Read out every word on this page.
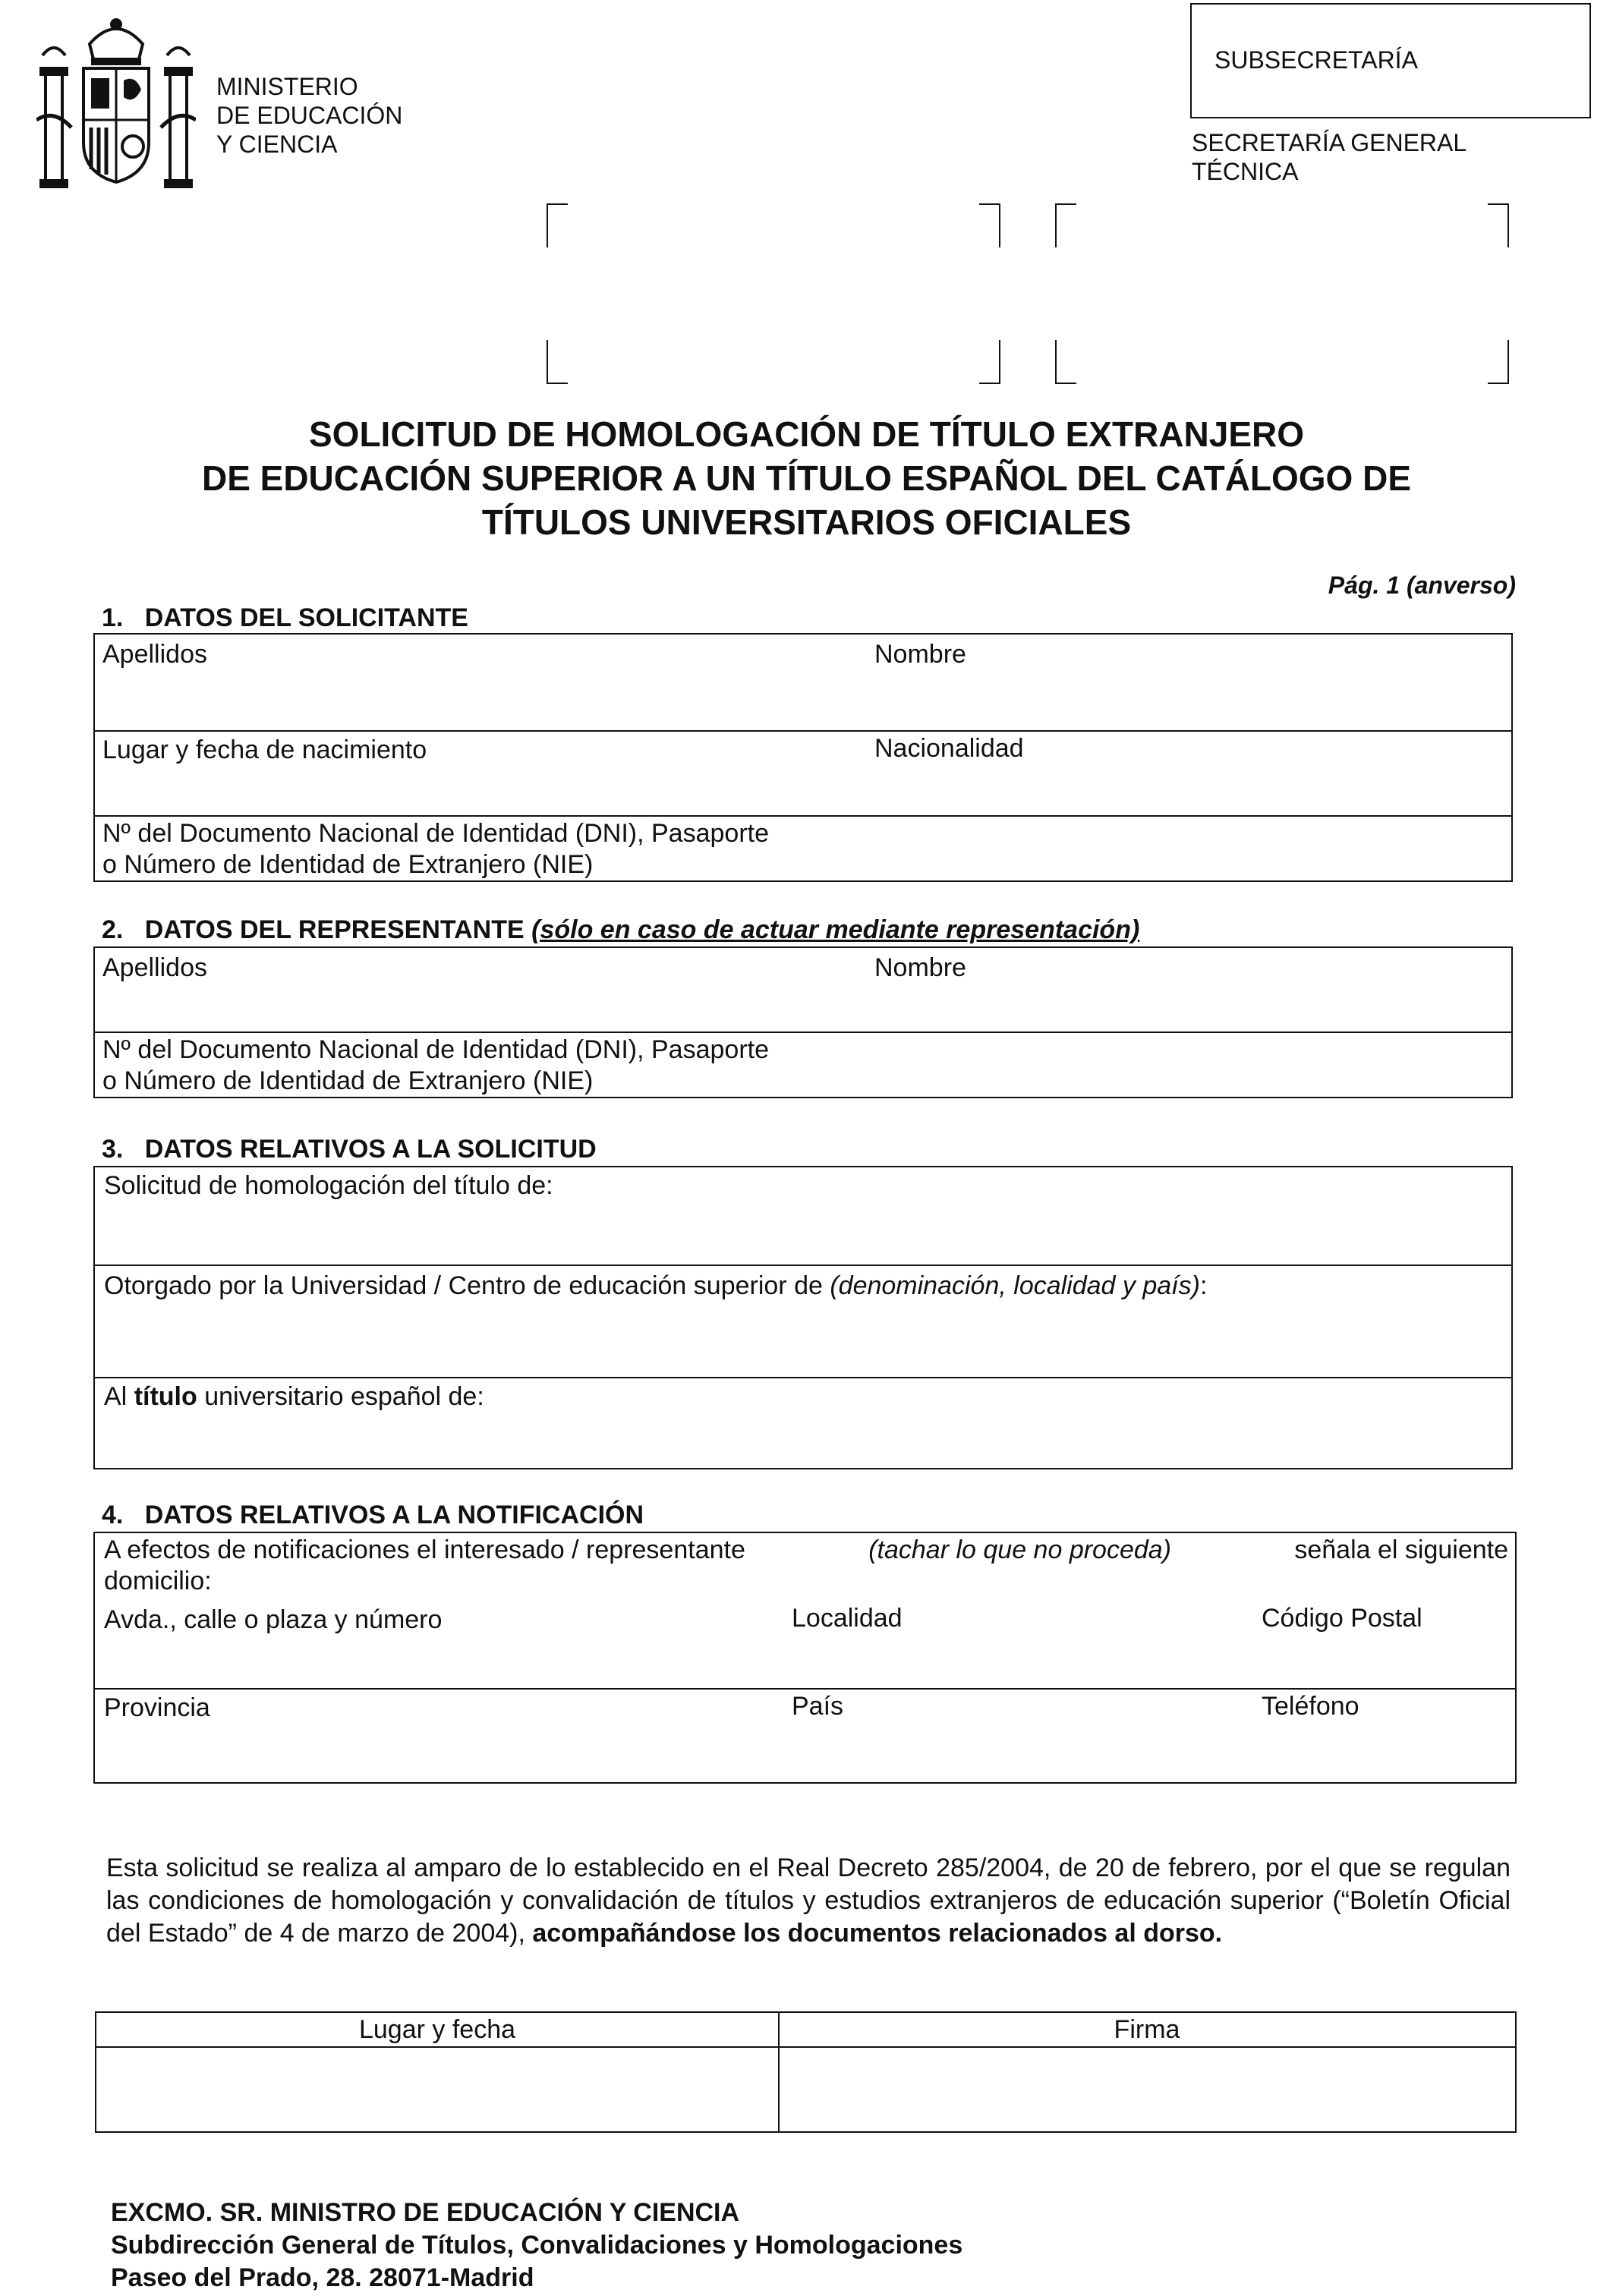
MINISTERIO
DE EDUCACIÓN
Y CIENCIA
SUBSECRETARÍA
SECRETARÍA GENERAL
TÉCNICA
SOLICITUD DE HOMOLOGACIÓN DE TÍTULO EXTRANJERO
DE EDUCACIÓN SUPERIOR A UN TÍTULO ESPAÑOL DEL CATÁLOGO DE
TÍTULOS UNIVERSITARIOS OFICIALES
Pág. 1 (anverso)
1.   DATOS DEL SOLICITANTE
Apellidos	Nombre
Lugar y fecha de nacimiento	Nacionalidad
Nº del Documento Nacional de Identidad (DNI), Pasaporte
o Número de Identidad de Extranjero (NIE)
2.   DATOS DEL REPRESENTANTE (sólo en caso de actuar mediante representación)
Apellidos	Nombre
Nº del Documento Nacional de Identidad (DNI), Pasaporte
o Número de Identidad de Extranjero (NIE)
3.   DATOS RELATIVOS A LA SOLICITUD
Solicitud de homologación del título de:
Otorgado por la Universidad / Centro de educación superior de (denominación, localidad y país):
Al título universitario español de:
4.   DATOS RELATIVOS A LA NOTIFICACIÓN
A efectos de notificaciones el interesado / representante	(tachar lo que no proceda)	señala el siguiente
domicilio:
Avda., calle o plaza y número	Localidad	Código Postal
Provincia	País	Teléfono
Esta solicitud se realiza al amparo de lo establecido en el Real Decreto 285/2004, de 20 de febrero, por el que se regulan las condiciones de homologación y convalidación de títulos y estudios extranjeros de educación superior (“Boletín Oficial del Estado” de 4 de marzo de 2004), acompañándose los documentos relacionados al dorso.
Lugar y fecha	Firma
EXCMO. SR. MINISTRO DE EDUCACIÓN Y CIENCIA
Subdirección General de Títulos, Convalidaciones y Homologaciones
Paseo del Prado, 28. 28071-Madrid
